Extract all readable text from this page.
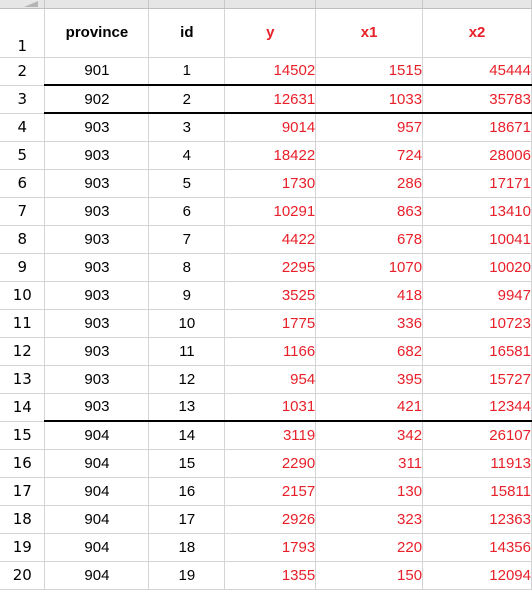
1	province	id	y	x1	x2
2	901	1	14502	1515	45444
3	902	2	12631	1033	35783
4	903	3	9014	957	18671
5	903	4	18422	724	28006
6	903	5	1730	286	17171
7	903	6	10291	863	13410
8	903	7	4422	678	10041
9	903	8	2295	1070	10020
10	903	9	3525	418	9947
11	903	10	1775	336	10723
12	903	11	1166	682	16581
13	903	12	954	395	15727
14	903	13	1031	421	12344
15	904	14	3119	342	26107
16	904	15	2290	311	11913
17	904	16	2157	130	15811
18	904	17	2926	323	12363
19	904	18	1793	220	14356
20	904	19	1355	150	12094
